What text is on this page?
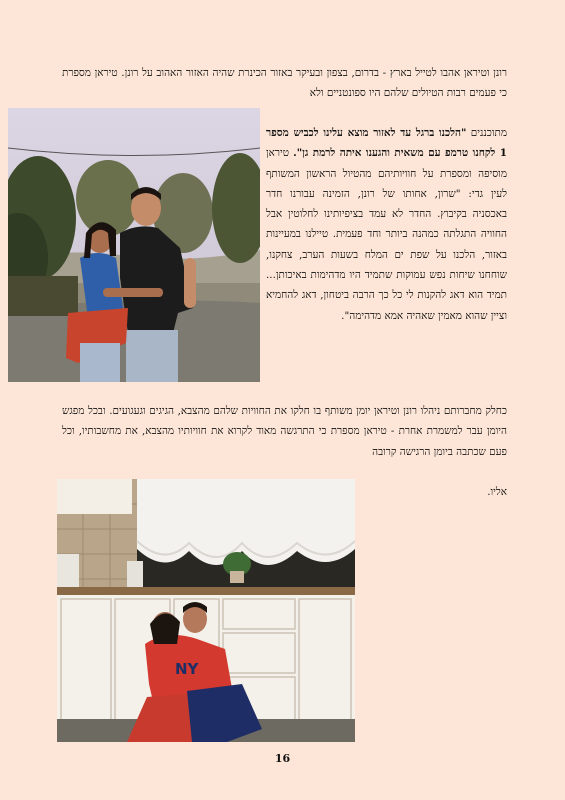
רונן וטיראן אהבו לטייל בארץ - בדרום, בצפון ובעיקר באזור הכינרת שהיה האזור האהוב על רונן. טיראן מספרת כי פעמים רבות הטיולים שלהם היו ספונטניים ולא

מתוכננים "הלכנו ברגל עד לאזור מוצא עלינו לכביש מספר 1 לקחנו טרמפ עם משאית והגענו איתה לרמת גן". טיראן מוסיפה ומספרת על חוויותיהם מהטיול הראשון המשותף לעין גדי: "שרון, אחותו של רונן, הזמינה עבורנו חדר באכסניה בקיבוץ. החדר לא עמד בציפיותינו לחלוטין אבל החוויה התגלתה כמהנה ביותר וחד פעמית. טיילנו במעיינות באזור, הלכנו על שפת ים המלח בשעות הערב, צחקנו, שוחחנו שיחות נפש עמוקות שתמיד היו מדהימות באיכותן... תמיד הוא דאג להקנות לי כל כך הרבה ביטחון, דאג להחמיא וציין שהוא מאמין שאהיה אמא מדהימה".

כחלק מחברותם ניהלו רונן וטיראן יומן משותף בו חלקו את החוויות שלהם מהצבא, הגיגים וגעגועים. ובכל מפגש היומן עבר למשמרת אחרת - טיראן מספרת כי התרגשה מאוד לקרוא את חוויותיו מהצבא, את מחשבותיו, וכל פעם שכתבה ביומן הרגישה קרובה

אליו.
NY
16
